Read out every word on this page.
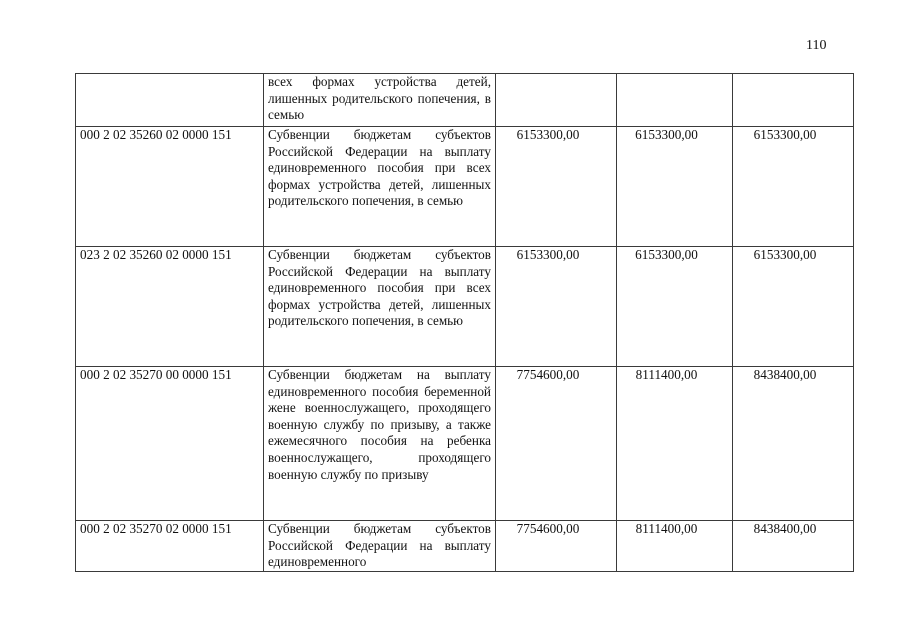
110
	всех формах устройства детей, лишенных родительского попечения, в семью			
000 2 02 35260 02 0000 151	Субвенции бюджетам субъектов Российской Федерации на выплату единовременного пособия при всех формах устройства детей, лишенных родительского попечения, в семью	6153300,00	6153300,00	6153300,00
023 2 02 35260 02 0000 151	Субвенции бюджетам субъектов Российской Федерации на выплату единовременного пособия при всех формах устройства детей, лишенных родительского попечения, в семью	6153300,00	6153300,00	6153300,00
000 2 02 35270 00 0000 151	Субвенции бюджетам на выплату единовременного пособия беременной жене военнослужащего, проходящего военную службу по призыву, а также ежемесячного пособия на ребенка военнослужащего, проходящего военную службу по призыву	7754600,00	8111400,00	8438400,00
000 2 02 35270 02 0000 151	Субвенции бюджетам субъектов Российской Федерации на выплату единовременного	7754600,00	8111400,00	8438400,00
